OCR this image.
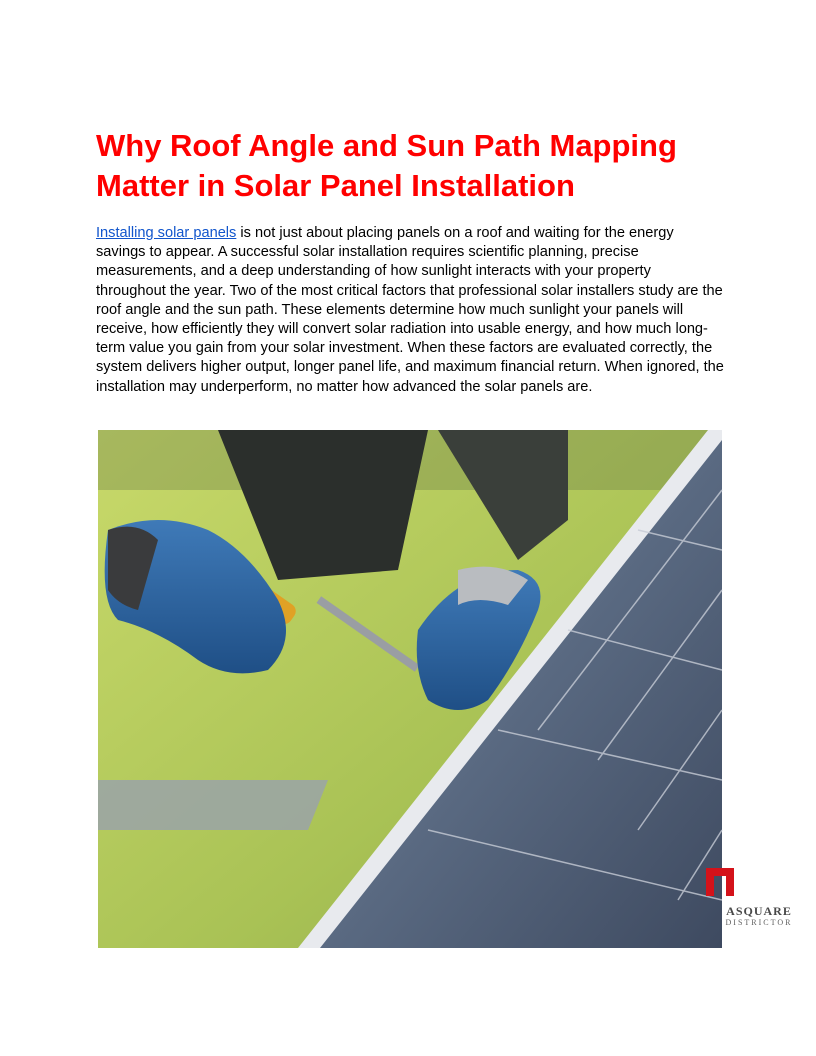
Why Roof Angle and Sun Path Mapping Matter in Solar Panel Installation

Installing solar panels is not just about placing panels on a roof and waiting for the energy savings to appear. A successful solar installation requires scientific planning, precise measurements, and a deep understanding of how sunlight interacts with your property throughout the year. Two of the most critical factors that professional solar installers study are the roof angle and the sun path. These elements determine how much sunlight your panels will receive, how efficiently they will convert solar radiation into usable energy, and how much long-term value you gain from your solar investment. When these factors are evaluated correctly, the system delivers higher output, longer panel life, and maximum financial return. When ignored, the installation may underperform, no matter how advanced the solar panels are.

ASQUARE
DISTRICTOR
